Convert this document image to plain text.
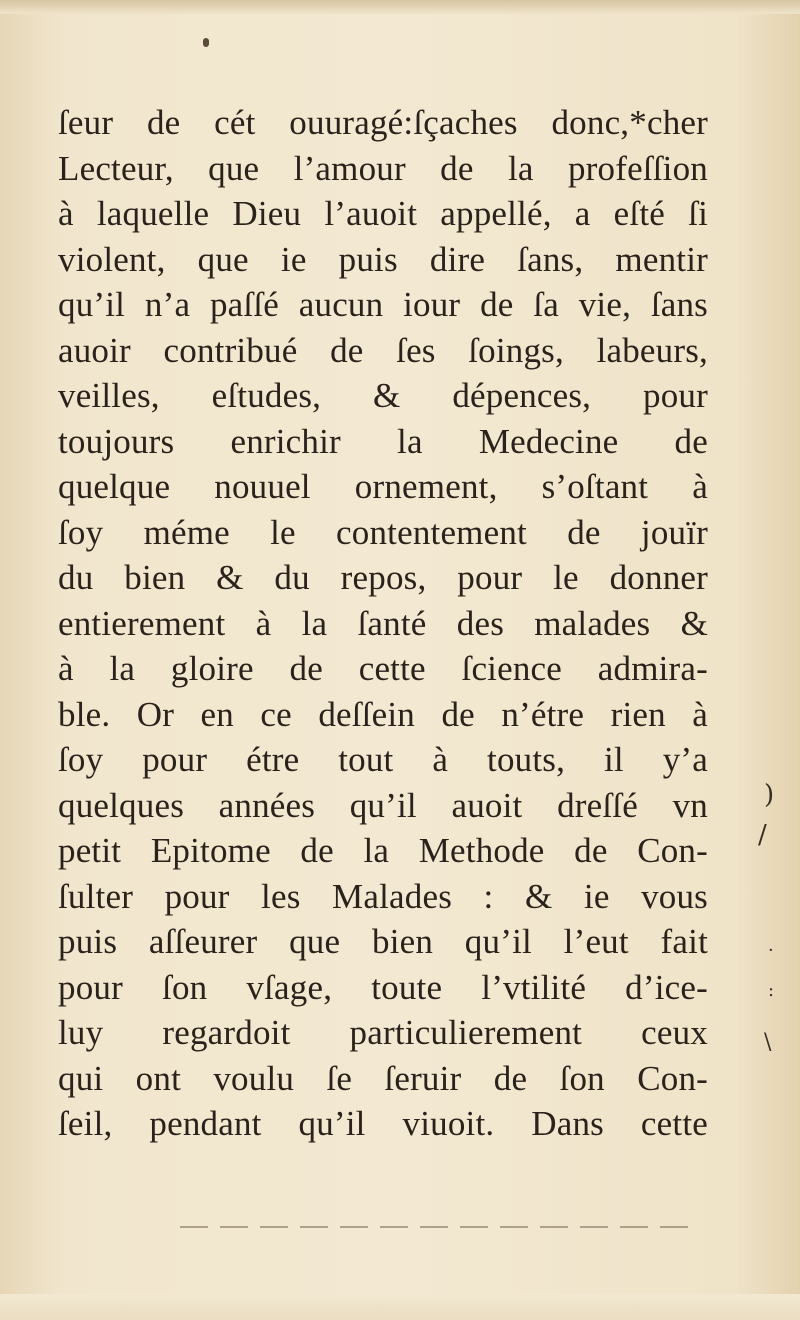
ſeur de cét ouuragé:ſçaches donc,*cher
Lecteur, que l’amour de la profeſſion
à laquelle Dieu l’auoit appellé, a eſté ſi
violent, que ie puis dire ſans, mentir
qu’il n’a paſſé aucun iour de ſa vie, ſans
auoir contribué de ſes ſoings, labeurs,
veilles, eſtudes, & dépences, pour
toujours enrichir la Medecine de
quelque nouuel ornement, s’oſtant à
ſoy méme le contentement de jouïr
du bien & du repos, pour le donner
entierement à la ſanté des malades &
à la gloire de cette ſcience admira-
ble. Or en ce deſſein de n’étre rien à
ſoy pour étre tout à touts, il y’a
quelques années qu’il auoit dreſſé vn
petit Epitome de la Methode de Con-
ſulter pour les Malades : & ie vous
puis aſſeurer que bien qu’il l’eut fait
pour ſon vſage, toute l’vtilité d’ice-
luy regardoit particulierement ceux
qui ont voulu ſe ſeruir de ſon Con-
ſeil, pendant qu’il viuoit. Dans cette
)
/
·
:
\
